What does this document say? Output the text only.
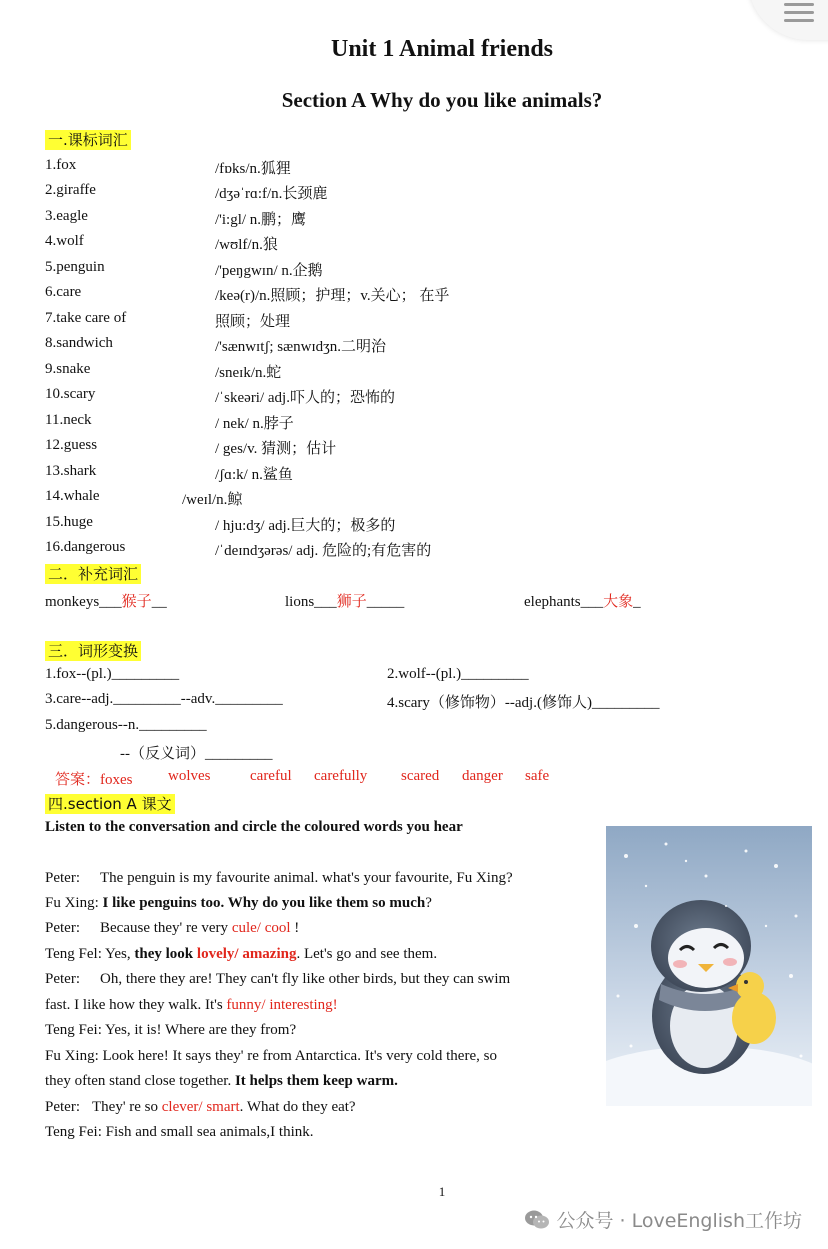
Unit 1 Animal friends
Section A Why do you like animals?
一.课标词汇
1.fox	/fɒks/n.狐狸
2.giraffe	/dʒəˈrɑ:f/n.长颈鹿
3.eagle	/'i:gl/ n.鹏；鹰
4.wolf	/wʊlf/n.狼
5.penguin	/'peŋgwɪn/ n.企鹅
6.care	/keə(r)/n.照顾；护理；v.关心； 在乎
7.take care of	照顾；处理
8.sandwich	/'sænwɪtʃ; sænwɪdʒn.二明治
9.snake	/sneɪk/n.蛇
10.scary	/ˈskeəri/ adj.吓人的；恐怖的
11.neck	/ nek/ n.脖子
12.guess	/ ges/v. 猜测；估计
13.shark	/ʃɑ:k/ n.鲨鱼
14.whale	/weɪl/n.鲸
15.huge	/ hju:dʒ/ adj.巨大的；极多的
16.dangerous	/ˈdeɪndʒərəs/ adj. 危险的;有危害的
二．补充词汇
monkeys___猴子__	lions___狮子_____	elephants___大象_
三．词形变换
1.fox--(pl.)_________	2.wolf--(pl.)_________
3.care--adj._________--adv._________	4.scary（修饰物）--adj.(修饰人)_________
5.dangerous--n._________
--（反义词）_________
答案：foxes wolves	careful carefully scared danger safe
四.section A 课文
Listen to the conversation and circle the coloured words you hear
Peter: The penguin is my favourite animal. what's your favourite, Fu Xing?
Fu Xing: I like penguins too. Why do you like them so much?
Peter: Because they' re very cule/ cool !
Teng Fel: Yes, they look lovely/ amazing. Let's go and see them.
Peter: Oh, there they are! They can't fly like other birds, but they can swim
fast. I like how they walk. It's funny/ interesting!
Teng Fei: Yes, it is! Where are they from?
Fu Xing: Look here! It says they' re from Antarctica. It's very cold there, so
they often stand close together. It helps them keep warm.
Peter: They' re so clever/ smart. What do they eat?
Teng Fei: Fish and small sea animals,I think.
1
公众号 · LoveEnglish工作坊
